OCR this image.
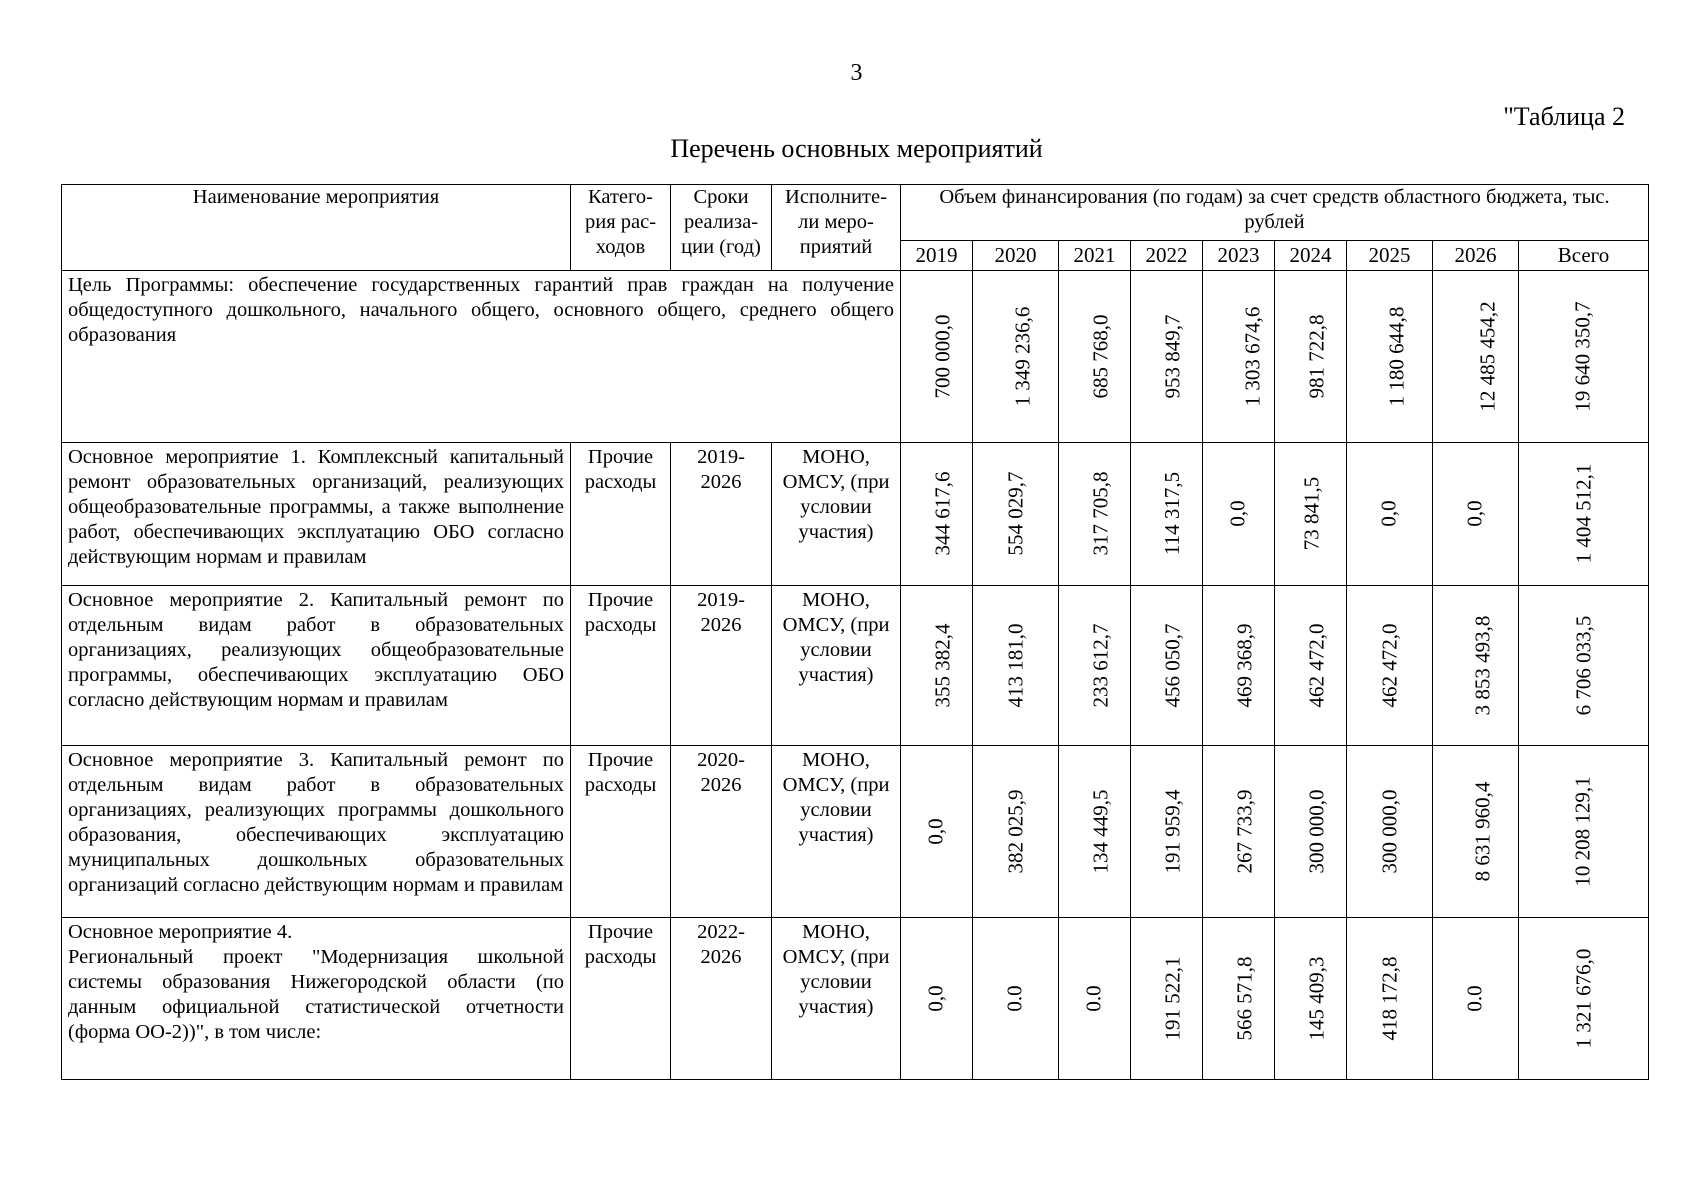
3
"Таблица 2
Перечень основных мероприятий
Наименование мероприятия	Катего-рия рас-ходов	Сроки реализа-ции (год)	Исполните-ли меро-приятий	Объем финансирования (по годам) за счет средств областного бюджета, тыс. рублей								
				2019	2020	2021	2022	2023	2024	2025	2026	Всего
Цель Программы: обеспечение государственных гарантий прав граждан на получение общедоступного дошкольного, начального общего, основного общего, среднего общего образования				700 000,0	1 349 236,6	685 768,0	953 849,7	1 303 674,6	981 722,8	1 180 644,8	12 485 454,2	19 640 350,7
Основное мероприятие 1. Комплексный капитальный ремонт образовательных организаций, реализующих общеобразовательные программы, а также выполнение работ, обеспечивающих эксплуатацию ОБО согласно действующим нормам и правилам	Прочие расходы	2019-2026	МОНО, ОМСУ, (при условии участия)	344 617,6	554 029,7	317 705,8	114 317,5	0,0	73 841,5	0,0	0,0	1 404 512,1
Основное мероприятие 2. Капитальный ремонт по отдельным видам работ в образовательных организациях, реализующих общеобразовательные программы, обеспечивающих эксплуатацию ОБО согласно действующим нормам и правилам	Прочие расходы	2019-2026	МОНО, ОМСУ, (при условии участия)	355 382,4	413 181,0	233 612,7	456 050,7	469 368,9	462 472,0	462 472,0	3 853 493,8	6 706 033,5
Основное мероприятие 3. Капитальный ремонт по отдельным видам работ в образовательных организациях, реализующих программы дошкольного образования, обеспечивающих эксплуатацию муниципальных дошкольных образовательных организаций согласно действующим нормам и правилам	Прочие расходы	2020-2026	МОНО, ОМСУ, (при условии участия)	0,0	382 025,9	134 449,5	191 959,4	267 733,9	300 000,0	300 000,0	8 631 960,4	10 208 129,1

Основное мероприятие 4.
Региональный проект "Модернизация школьной системы образования Нижегородской области (по данным официальной статистической отчетности (форма ОО-2))", в том числе:	Прочие расходы	2022-2026	МОНО, ОМСУ, (при условии участия)	0,0	0.0	0.0	191 522,1	566 571,8	145 409,3	418 172,8	0.0	1 321 676,0
